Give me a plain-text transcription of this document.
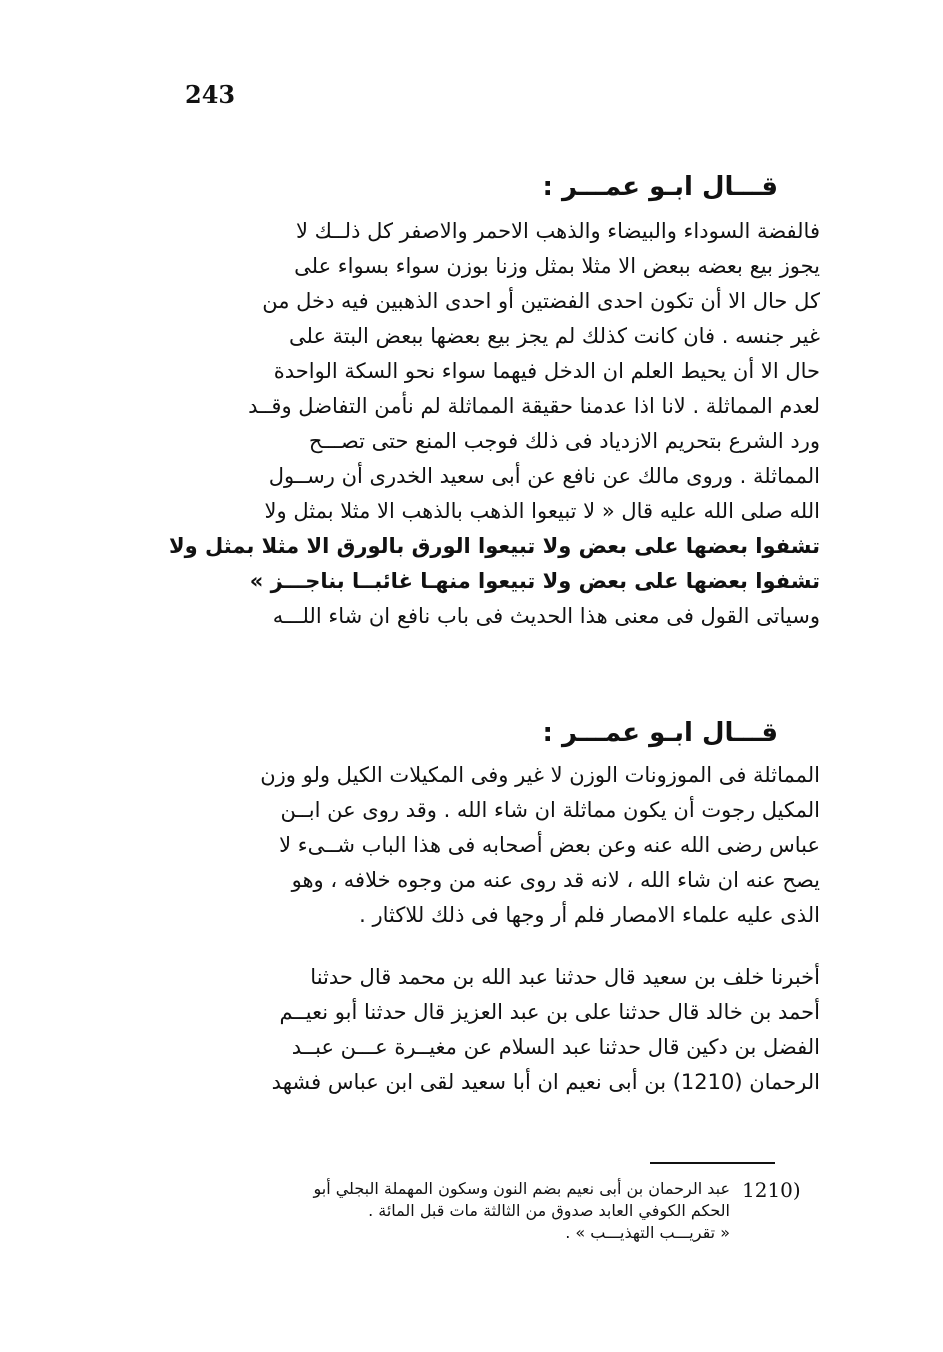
243
قـــال ابـو عمـــر :
فالفضة السوداء والبيضاء والذهب الاحمر والاصفر كل ذلــك لا
يجوز بيع بعضه ببعض الا مثلا بمثل وزنا بوزن سواء بسواء على
كل حال الا أن تكون احدى الفضتين أو احدى الذهبين فيه دخل من
غير جنسه . فان كانت كذلك لم يجز بيع بعضها ببعض البتة على
حال الا أن يحيط العلم ان الدخل فيهما سواء نحو السكة الواحدة
لعدم المماثلة . لانا اذا عدمنا حقيقة المماثلة لم نأمن التفاضل وقــد
ورد الشرع بتحريم الازدياد فى ذلك فوجب المنع حتى تصـــح
المماثلة . وروى مالك عن نافع عن أبى سعيد الخدرى أن رســول
الله صلى الله عليه قال « لا تبيعوا الذهب بالذهب الا مثلا بمثل ولا
تشفوا بعضها على بعض ولا تبيعوا الورق بالورق الا مثلا بمثل ولا
تشفوا بعضها على بعض ولا تبيعوا منهـا غائبــا بناجـــز »
وسياتى القول فى معنى هذا الحديث فى باب نافع ان شاء اللـــه
قـــال ابـو عمـــر :
المماثلة فى الموزونات الوزن لا غير وفى المكيلات الكيل ولو وزن
المكيل رجوت أن يكون مماثلة ان شاء الله . وقد روى عن ابــن
عباس رضى الله عنه وعن بعض أصحابه فى هذا الباب شــىء لا
يصح عنه ان شاء الله ، لانه قد روى عنه من وجوه خلافه ، وهو
الذى عليه علماء الامصار فلم أر وجها فى ذلك للاكثار .
أخبرنا خلف بن سعيد قال حدثنا عبد الله بن محمد قال حدثنا
أحمد بن خالد قال حدثنا على بن عبد العزيز قال حدثنا أبو نعيــم
الفضل بن دكين قال حدثنا عبد السلام عن مغيــرة عـــن عبــد
الرحمان (1210) بن أبى نعيم ان أبا سعيد لقى ابن عباس فشهد
1210)
عبد الرحمان بن أبى نعيم بضم النون وسكون المهملة البجلي أبو
الحكم الكوفي العابد صدوق من الثالثة مات قبل المائة .
« تقريـــب التهذيـــب » .
